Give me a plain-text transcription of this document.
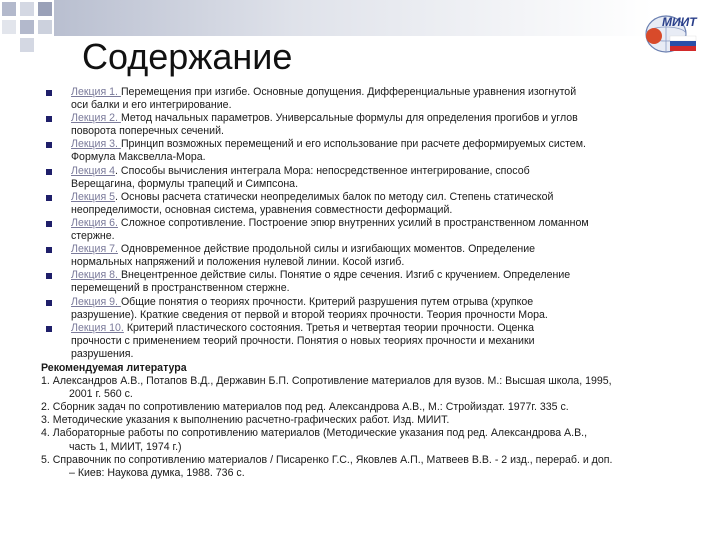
МИИТ
Содержание
Лекция 1. Перемещения при изгибе. Основные допущения. Дифференциальные уравнения изогнутой
оси балки и его интегрирование.
Лекция 2. Метод начальных параметров. Универсальные формулы для определения прогибов и углов
поворота поперечных сечений.
Лекция 3. Принцип возможных перемещений и его использование при расчете деформируемых систем.
Формула Максвелла-Мора.
Лекция 4. Способы вычисления интеграла Мора: непосредственное интегрирование, способ
Верещагина, формулы трапеций и Симпсона.
Лекция 5. Основы расчета статически неопределимых балок по методу сил. Степень статической
неопределимости, основная система, уравнения совместности деформаций.
Лекция 6. Сложное сопротивление. Построение эпюр внутренних усилий в пространственном ломанном
стержне.
Лекция 7. Одновременное действие продольной силы и изгибающих моментов. Определение
нормальных напряжений и положения нулевой линии. Косой изгиб.
Лекция 8. Внецентренное действие силы. Понятие о ядре сечения. Изгиб с кручением. Определение
перемещений в пространственном стержне.
Лекция 9. Общие понятия о теориях прочности. Критерий разрушения путем отрыва (хрупкое
разрушение). Краткие сведения от первой и второй теориях прочности. Теория прочности Мора.
Лекция 10. Критерий пластического состояния. Третья и четвертая теории прочности. Оценка
прочности с применением теорий прочности. Понятия о новых теориях прочности и механики
разрушения.
Рекомендуемая литература
1. Александров А.В., Потапов В.Д., Державин Б.П. Сопротивление материалов для вузов. М.: Высшая школа, 1995,
2001 г. 560 с.
2. Сборник задач по сопротивлению материалов под ред. Александрова А.В., М.: Стройиздат. 1977г. 335 с.
3. Методические указания к выполнению расчетно-графических работ. Изд. МИИТ.
4. Лабораторные работы по сопротивлению материалов (Методические указания под ред. Александрова А.В.,
часть 1, МИИТ, 1974 г.)
5. Справочник по сопротивлению материалов / Писаренко Г.С., Яковлев А.П., Матвеев В.В. - 2 изд., перераб. и доп.
– Киев: Наукова думка, 1988. 736 с.
